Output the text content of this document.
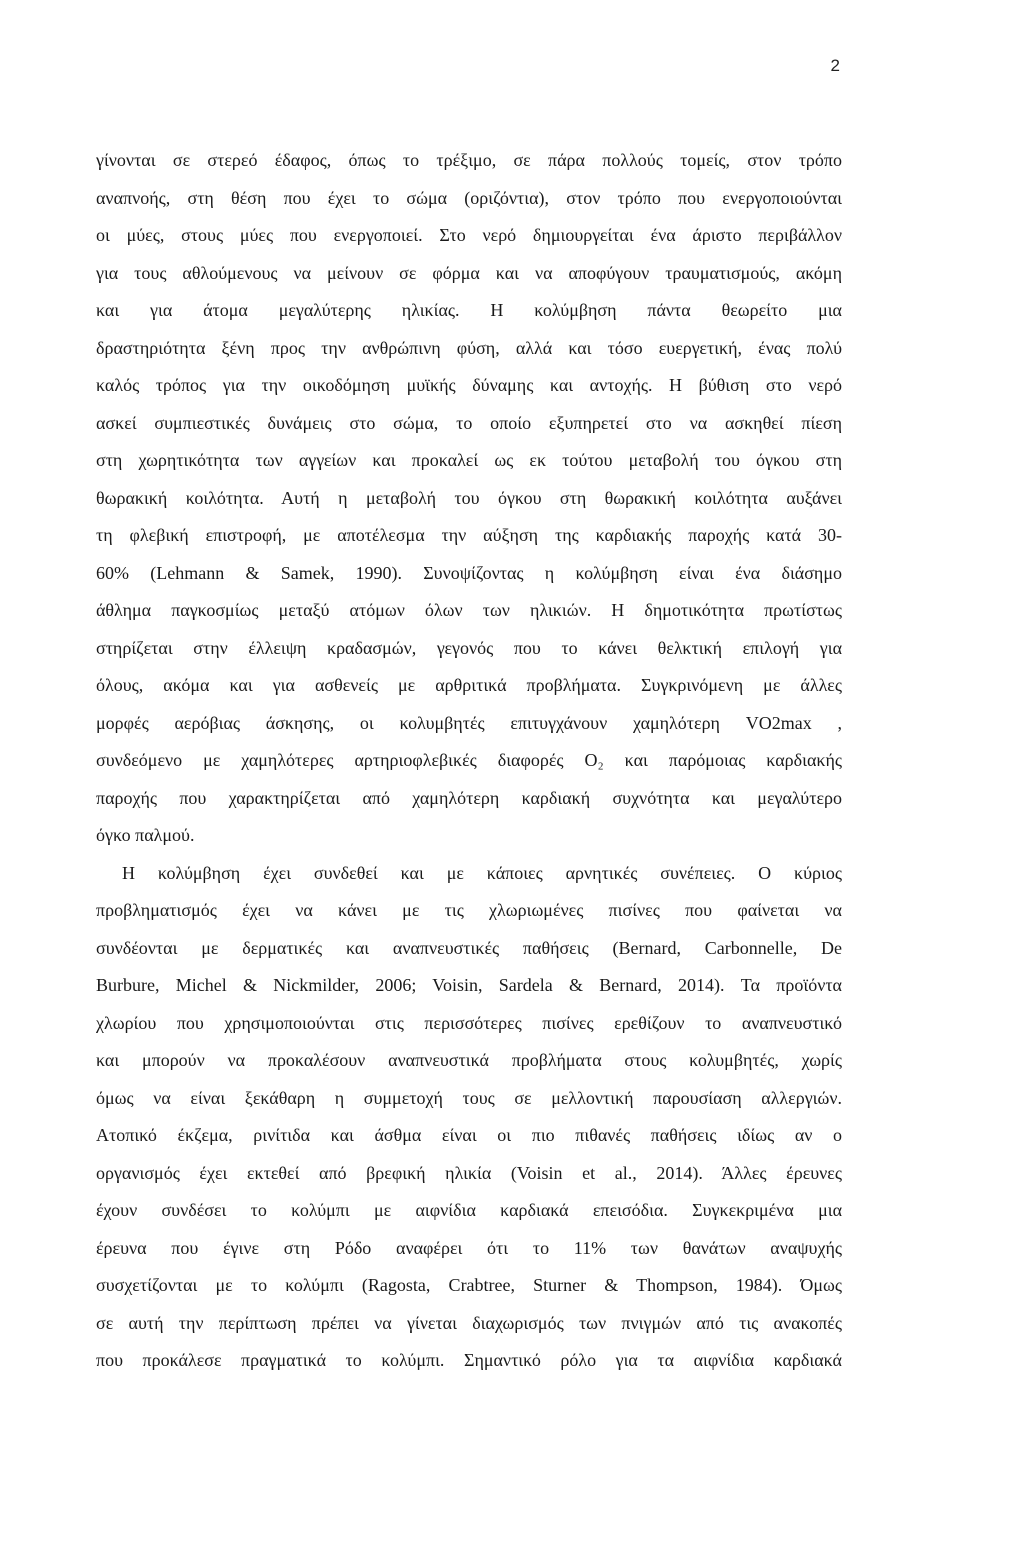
2
γίνονται σε στερεό έδαφος, όπως το τρέξιμο, σε πάρα πολλούς τομείς, στον τρόπο
αναπνοής, στη θέση που έχει το σώμα (οριζόντια), στον τρόπο που ενεργοποιούνται
οι μύες, στους μύες που ενεργοποιεί. Στο νερό δημιουργείται ένα άριστο περιβάλλον
για τους αθλούμενους να μείνουν σε φόρμα και να αποφύγουν τραυματισμούς, ακόμη
και για άτομα μεγαλύτερης ηλικίας. Η κολύμβηση πάντα θεωρείτο μια
δραστηριότητα ξένη προς την ανθρώπινη φύση, αλλά και τόσο ευεργετική, ένας πολύ
καλός τρόπος για την οικοδόμηση μυϊκής δύναμης και αντοχής. Η βύθιση στο νερό
ασκεί συμπιεστικές δυνάμεις στο σώμα, το οποίο εξυπηρετεί στο να ασκηθεί πίεση
στη χωρητικότητα των αγγείων και προκαλεί ως εκ τούτου μεταβολή του όγκου στη
θωρακική κοιλότητα. Αυτή η μεταβολή του όγκου στη θωρακική κοιλότητα αυξάνει
τη φλεβική επιστροφή, με αποτέλεσμα την αύξηση της καρδιακής παροχής κατά 30-
60% (Lehmann & Samek, 1990). Συνοψίζοντας η κολύμβηση είναι ένα διάσημο
άθλημα παγκοσμίως μεταξύ ατόμων όλων των ηλικιών. Η δημοτικότητα πρωτίστως
στηρίζεται στην έλλειψη κραδασμών, γεγονός που το κάνει θελκτική επιλογή για
όλους, ακόμα και για ασθενείς με αρθριτικά προβλήματα. Συγκρινόμενη με άλλες
μορφές αερόβιας άσκησης, οι κολυμβητές επιτυγχάνουν χαμηλότερη VO2max ,
συνδεόμενο με χαμηλότερες αρτηριοφλεβικές διαφορές O₂ και παρόμοιας καρδιακής
παροχής που χαρακτηρίζεται από χαμηλότερη καρδιακή συχνότητα και μεγαλύτερο
όγκο παλμού.
Η κολύμβηση έχει συνδεθεί και με κάποιες αρνητικές συνέπειες. Ο κύριος
προβληματισμός έχει να κάνει με τις χλωριωμένες πισίνες που φαίνεται να
συνδέονται με δερματικές και αναπνευστικές παθήσεις (Bernard, Carbonnelle, De
Burbure, Michel & Nickmilder, 2006; Voisin, Sardela & Bernard, 2014). Τα προϊόντα
χλωρίου που χρησιμοποιούνται στις περισσότερες πισίνες ερεθίζουν το αναπνευστικό
και μπορούν να προκαλέσουν αναπνευστικά προβλήματα στους κολυμβητές, χωρίς
όμως να είναι ξεκάθαρη η συμμετοχή τους σε μελλοντική παρουσίαση αλλεργιών.
Ατοπικό έκζεμα, ρινίτιδα και άσθμα είναι οι πιο πιθανές παθήσεις ιδίως αν ο
οργανισμός έχει εκτεθεί από βρεφική ηλικία (Voisin et al., 2014). Άλλες έρευνες
έχουν συνδέσει το κολύμπι με αιφνίδια καρδιακά επεισόδια. Συγκεκριμένα μια
έρευνα που έγινε στη Ρόδο αναφέρει ότι το 11% των θανάτων αναψυχής
συσχετίζονται με το κολύμπι (Ragosta, Crabtree, Sturner & Thompson, 1984). Όμως
σε αυτή την περίπτωση πρέπει να γίνεται διαχωρισμός των πνιγμών από τις ανακοπές
που προκάλεσε πραγματικά το κολύμπι. Σημαντικό ρόλο για τα αιφνίδια καρδιακά
